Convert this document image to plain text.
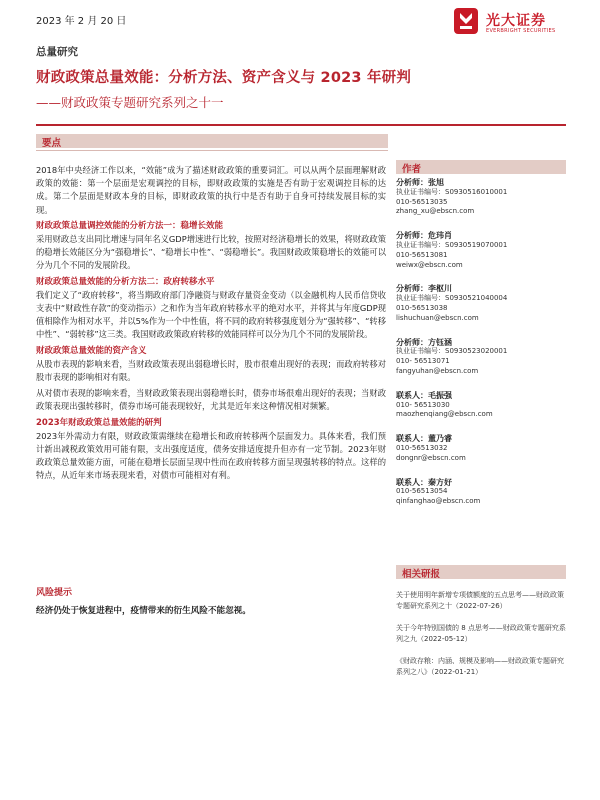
2023 年 2 月 20 日	光大证券
EVERBRIGHT SECURITIES
总量研究
财政政策总量效能：分析方法、资产含义与 2023 年研判
——财政政策专题研究系列之十一
要点

2018年中央经济工作以来，“效能”成为了描述财政政策的重要词汇。可以从两个层面理解财政政策的效能：第一个层面是宏观调控的目标，即财政政策的实施是否有助于宏观调控目标的达成。第二个层面是财政本身的目标，即财政政策的执行中是否有助于自身可持续发展目标的实现。

财政政策总量调控效能的分析方法一：稳增长效能

采用财政总支出同比增速与同年名义GDP增速进行比较，按照对经济稳增长的效果，将财政政策的稳增长效能区分为“强稳增长”、“稳增长中性”、“弱稳增长”。我国财政政策稳增长的效能可以分为几个不同的发展阶段。

财政政策总量效能的分析方法二：政府转移水平

我们定义了“政府转移”，将当期政府部门净融资与财政存量资金变动（以金融机构人民币信贷收支表中“财政性存款”的变动指示）之和作为当年政府转移水平的绝对水平，并将其与年度GDP现值相除作为相对水平，并以5%作为一个中性值，将不同的政府转移强度划分为“强转移”、“转移中性”、“弱转移”这三类。我国财政政策政府转移的效能同样可以分为几个不同的发展阶段。

财政政策总量效能的资产含义

从股市表现的影响来看，当财政政策表现出弱稳增长时，股市很难出现好的表现；而政府转移对股市表现的影响相对有限。

从对债市表现的影响来看，当财政政策表现出弱稳增长时，债券市场很难出现好的表现；当财政政策表现出强转移时，债券市场可能表现较好，尤其是近年来这种情况相对频繁。

2023年财政政策总量效能的研判

2023年外需动力有限，财政政策需继续在稳增长和政府转移两个层面发力。具体来看，我们预计新出减税政策效用可能有限，支出强度适度，债务安排适度提升但亦有一定节制。2023年财政政策总量效能方面，可能在稳增长层面呈现中性而在政府转移方面呈现强转移的特点。这样的特点，从近年来市场表现来看，对债市可能相对有利。

风险提示
经济仍处于恢复进程中，疫情带来的衍生风险不能忽视。
作者
分析师：张旭
执业证书编号：S0930516010001
010-56513035
zhang_xu@ebscn.com
分析师：危玮肖
执业证书编号：S0930519070001
010-56513081
weiwx@ebscn.com
分析师：李枢川
执业证书编号：S0930521040004
010-56513038
lishuchuan@ebscn.com
分析师：方钰涵
执业证书编号：S0930523020001
010- 56513071
fangyuhan@ebscn.com
联系人：毛振强
010- 56513030
maozhenqiang@ebscn.com
联系人：董乃睿
010-56513032
dongnr@ebscn.com
联系人：秦方好
010-56513054
qinfanghao@ebscn.com
相关研报

关于使用明年新增专项债额度的五点思考——财政政策专题研究系列之十（2022-07-26）

关于今年特别国债的 8 点思考——财政政策专题研究系列之九（2022-05-12）

《财政存粮：内涵、规模及影响——财政政策专题研究系列之八》（2022-01-21）
